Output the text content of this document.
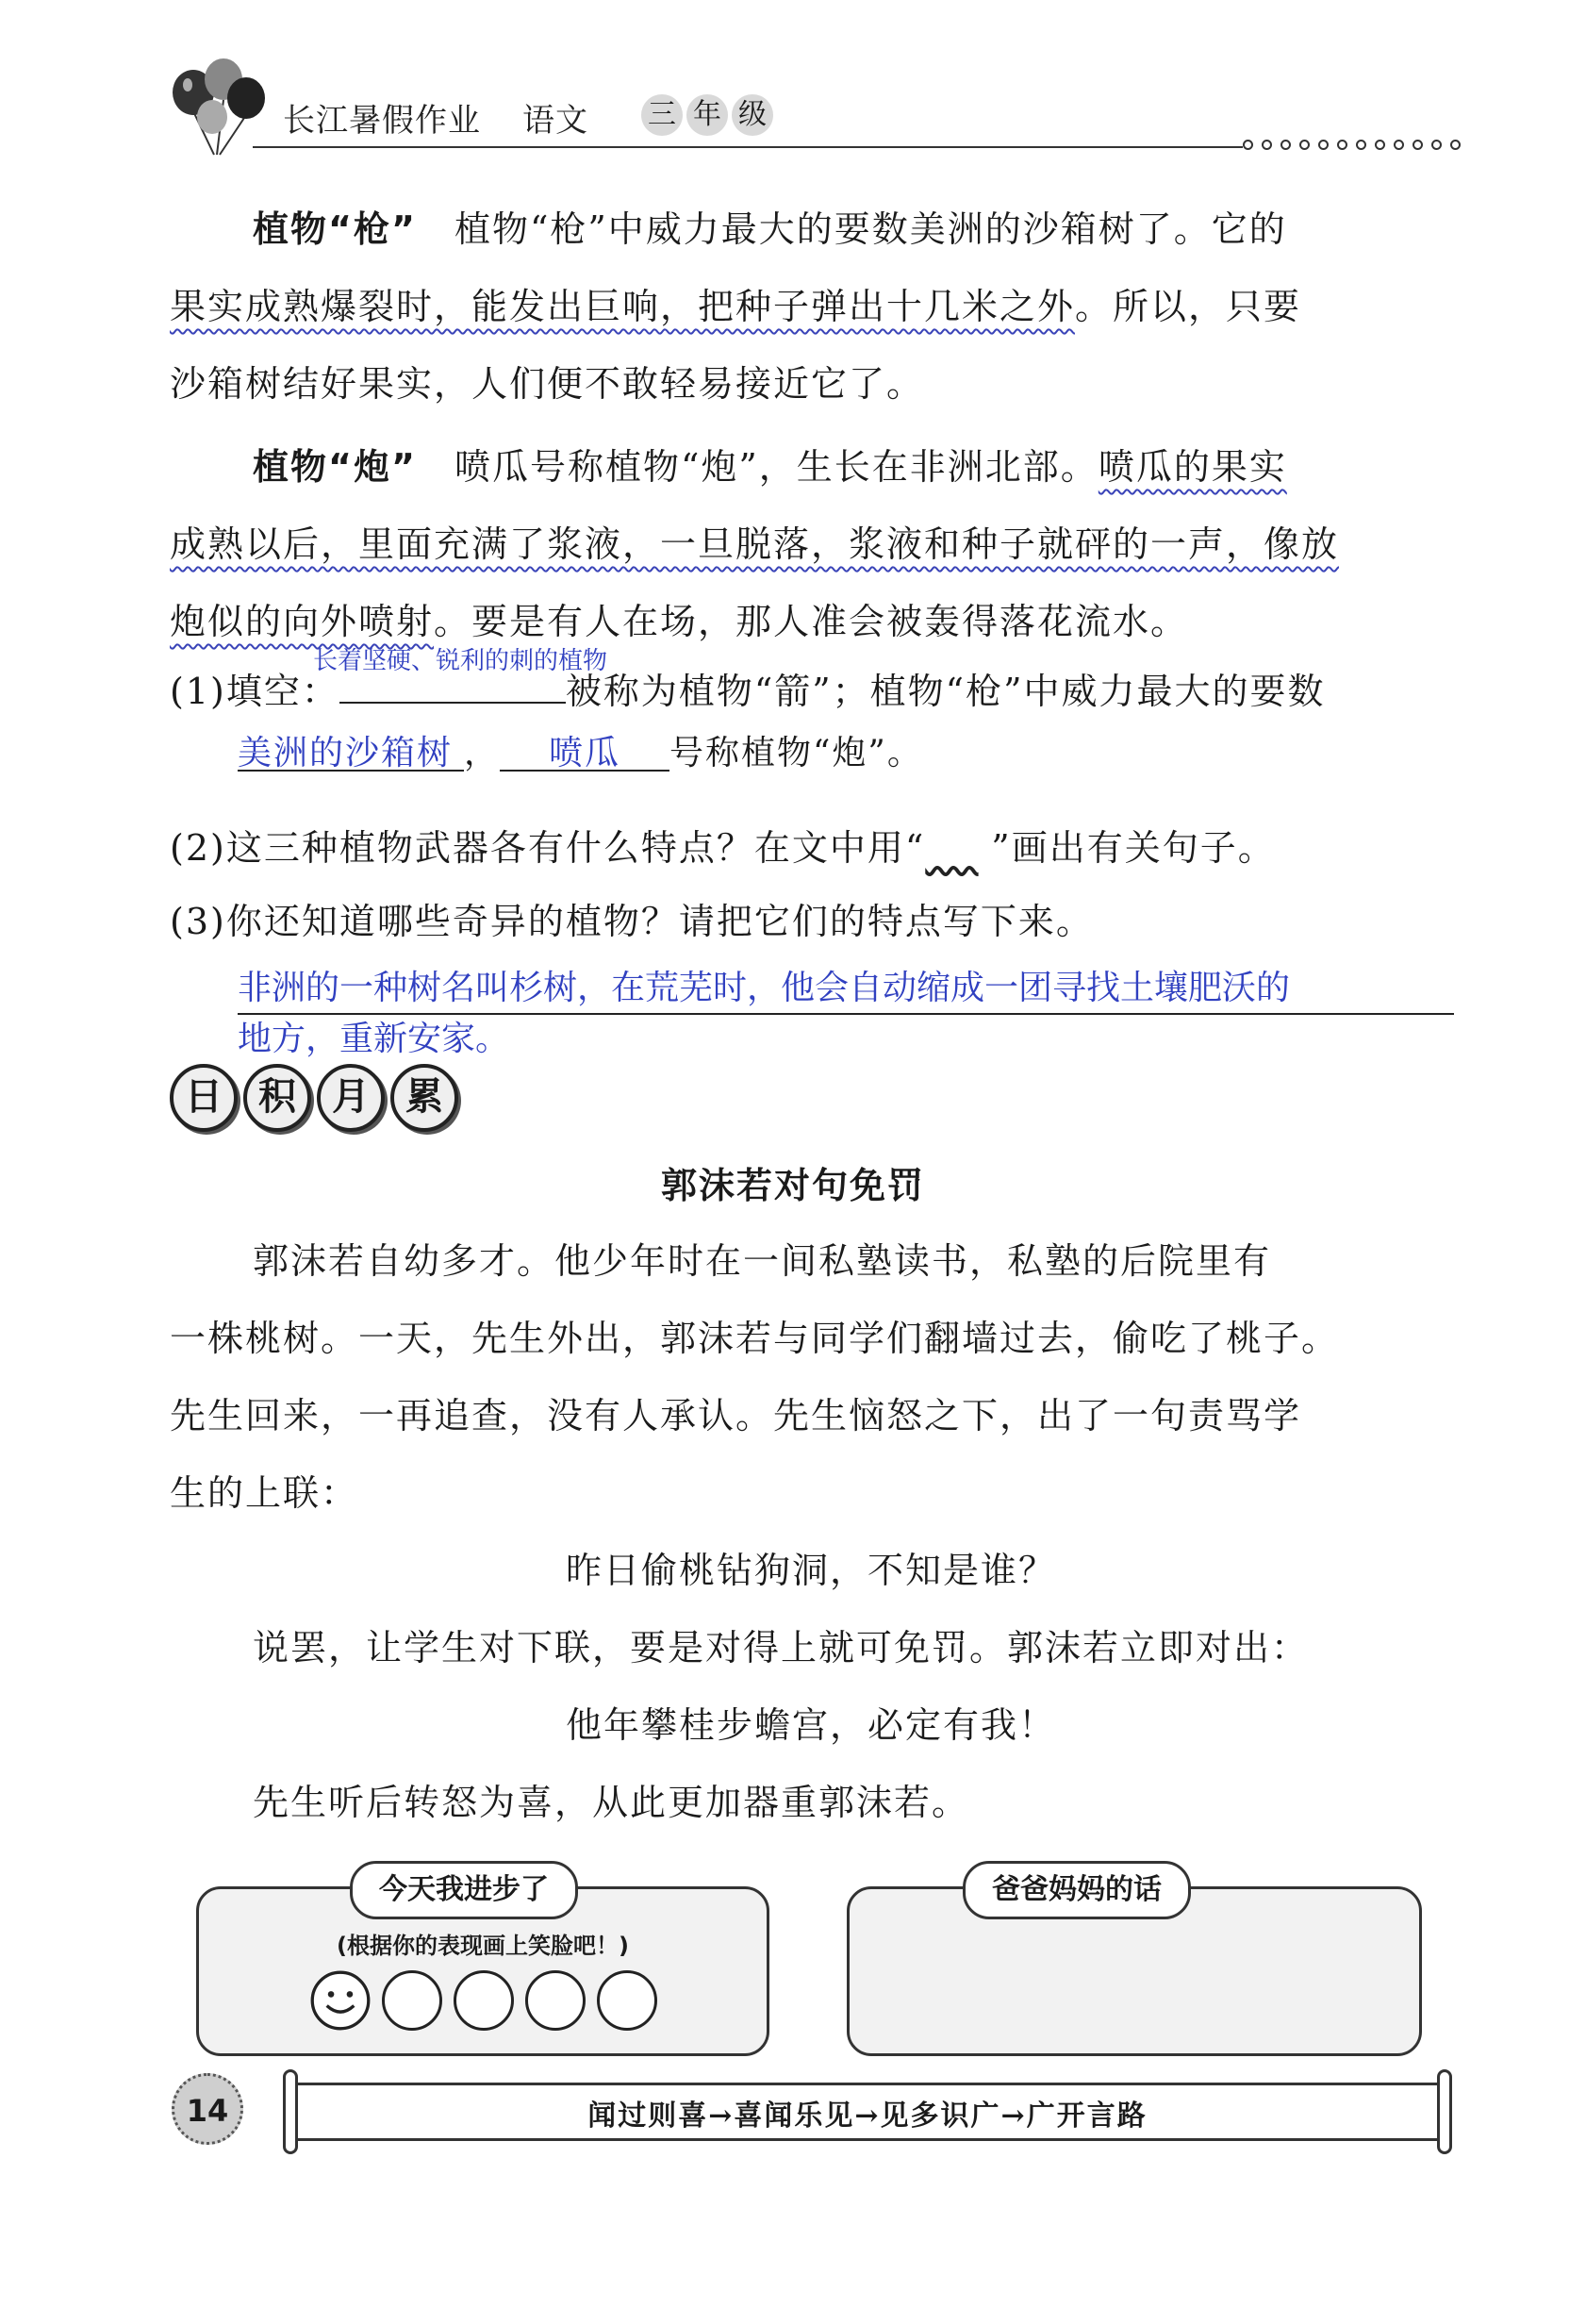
长江暑假作业 语文 三 年 级

植物“枪” 植物“枪”中威力最大的要数美洲的沙箱树了。它的

果实成熟爆裂时，能发出巨响，把种子弹出十几米之外。所以，只要

沙箱树结好果实，人们便不敢轻易接近它了。

植物“炮” 喷瓜号称植物“炮”，生长在非洲北部。喷瓜的果实

成熟以后，里面充满了浆液，一旦脱落，浆液和种子就砰的一声，像放

炮似的向外喷射。要是有人在场，那人准会被轰得落花流水。

长着坚硬、锐利的刺的植物

(1)填空：	被称为植物“箭”；植物“枪”中威力最大的要数

美洲的沙箱树 ， 喷瓜 号称植物“炮”。

(2)这三种植物武器各有什么特点？在文中用“ ”画出有关句子。

(3)你还知道哪些奇异的植物？请把它们的特点写下来。

非洲的一种树名叫杉树，在荒芜时，他会自动缩成一团寻找土壤肥沃的
地方，重新安家。
日 积 月 累
郭沫若对句免罚

郭沫若自幼多才。他少年时在一间私塾读书，私塾的后院里有

一株桃树。一天，先生外出，郭沫若与同学们翻墙过去，偷吃了桃子。

先生回来，一再追查，没有人承认。先生恼怒之下，出了一句责骂学

生的上联：

昨日偷桃钻狗洞，不知是谁？

说罢，让学生对下联，要是对得上就可免罚。郭沫若立即对出：

他年攀桂步蟾宫，必定有我！

先生听后转怒为喜，从此更加器重郭沫若。

今天我进步了
(根据你的表现画上笑脸吧！)
爸爸妈妈的话
14	闻过则喜→喜闻乐见→见多识广→广开言路
